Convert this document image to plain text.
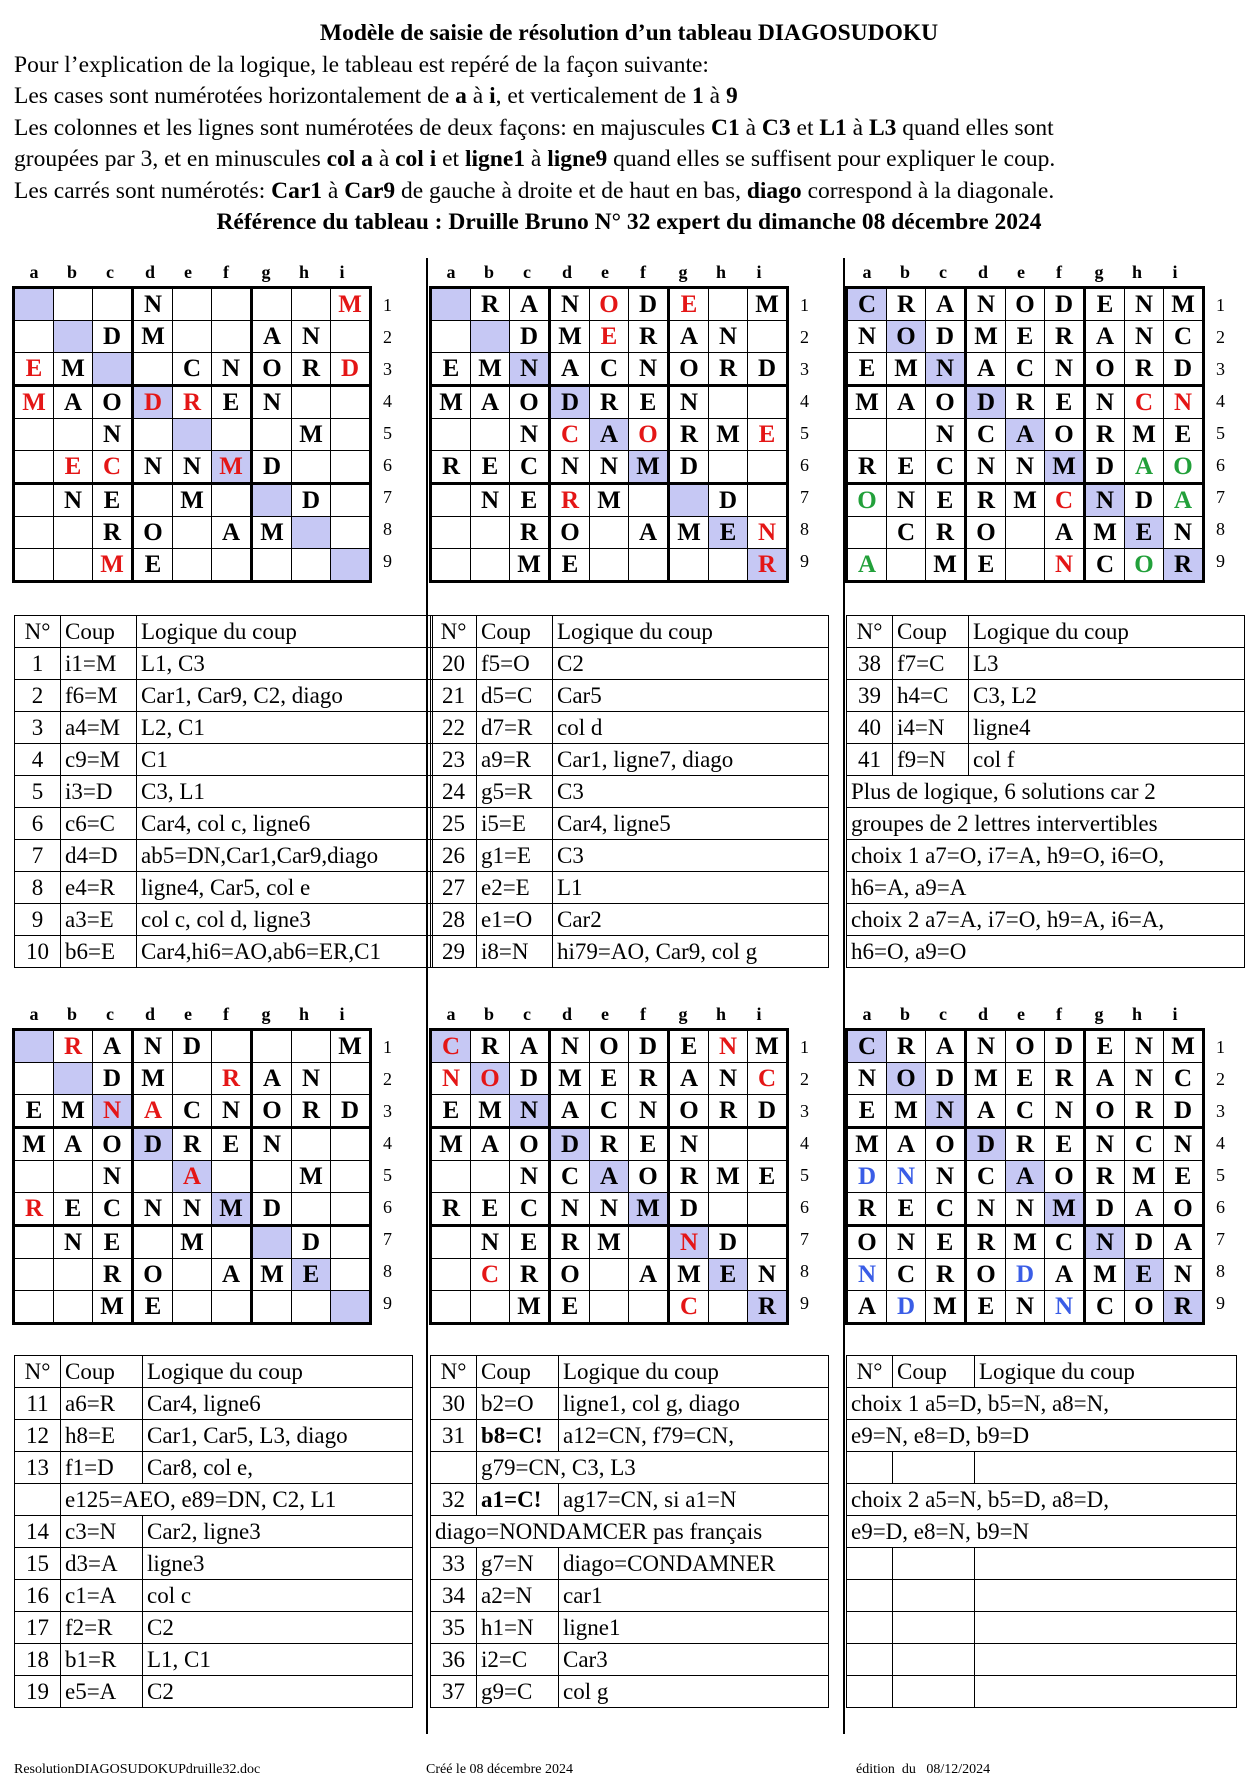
Modèle de saisie de résolution d’un tableau DIAGOSUDOKU

Pour l’explication de la logique, le tableau est repéré de la façon suivante:

Les cases sont numérotées horizontalement de a à i, et verticalement de 1 à 9

Les colonnes et les lignes sont numérotées de deux façons: en majuscules C1 à C3 et L1 à L3 quand elles sont

groupées par 3, et en minuscules col a à col i et ligne1 à ligne9 quand elles se suffisent pour expliquer le coup.

Les carrés sont numérotés: Car1 à Car9 de gauche à droite et de haut en bas, diago correspond à la diagonale.

Référence du tableau : Druille Bruno N° 32 expert du dimanche 08 décembre 2024

a	b	c	d	e	f	g	h	i
			N					M
		D	M			A	N	
E	M			C	N	O	R	D
M	A	O	D	R	E	N		
		N					M	
	E	C	N	N	M	D		
	N	E		M			D	
		R	O		A	M		
		M	E					
1
2
3
4
5
6
7
8
9
a	b	c	d	e	f	g	h	i
	R	A	N	O	D	E		M
		D	M	E	R	A	N	
E	M	N	A	C	N	O	R	D
M	A	O	D	R	E	N		
		N	C	A	O	R	M	E
R	E	C	N	N	M	D		
	N	E	R	M			D	
		R	O		A	M	E	N
		M	E					R
1
2
3
4
5
6
7
8
9
a	b	c	d	e	f	g	h	i
C	R	A	N	O	D	E	N	M
N	O	D	M	E	R	A	N	C
E	M	N	A	C	N	O	R	D
M	A	O	D	R	E	N	C	N
		N	C	A	O	R	M	E
R	E	C	N	N	M	D	A	O
O	N	E	R	M	C	N	D	A
	C	R	O		A	M	E	N
A		M	E		N	C	O	R
1
2
3
4
5
6
7
8
9
a	b	c	d	e	f	g	h	i
	R	A	N	D				M
		D	M		R	A	N	
E	M	N	A	C	N	O	R	D
M	A	O	D	R	E	N		
		N		A			M	
R	E	C	N	N	M	D		
	N	E		M			D	
		R	O		A	M	E	
		M	E					
1
2
3
4
5
6
7
8
9
a	b	c	d	e	f	g	h	i
C	R	A	N	O	D	E	N	M
N	O	D	M	E	R	A	N	C
E	M	N	A	C	N	O	R	D
M	A	O	D	R	E	N		
		N	C	A	O	R	M	E
R	E	C	N	N	M	D		
	N	E	R	M		N	D	
	C	R	O		A	M	E	N
		M	E			C		R
1
2
3
4
5
6
7
8
9
a	b	c	d	e	f	g	h	i
C	R	A	N	O	D	E	N	M
N	O	D	M	E	R	A	N	C
E	M	N	A	C	N	O	R	D
M	A	O	D	R	E	N	C	N
D	N	N	C	A	O	R	M	E
R	E	C	N	N	M	D	A	O
O	N	E	R	M	C	N	D	A
N	C	R	O	D	A	M	E	N
A	D	M	E	N	N	C	O	R
1
2
3
4
5
6
7
8
9
N°	Coup	Logique du coup
1	i1=M	L1, C3
2	f6=M	Car1, Car9, C2, diago
3	a4=M	L2, C1
4	c9=M	C1
5	i3=D	C3, L1
6	c6=C	Car4, col c, ligne6
7	d4=D	ab5=DN,Car1,Car9,diago
8	e4=R	ligne4, Car5, col e
9	a3=E	col c, col d, ligne3
10	b6=E	Car4,hi6=AO,ab6=ER,C1
N°	Coup	Logique du coup
20	f5=O	C2
21	d5=C	Car5
22	d7=R	col d
23	a9=R	Car1, ligne7, diago
24	g5=R	C3
25	i5=E	Car4, ligne5
26	g1=E	C3
27	e2=E	L1
28	e1=O	Car2
29	i8=N	hi79=AO, Car9, col g
N°	Coup	Logique du coup
38	f7=C	L3
39	h4=C	C3, L2
40	i4=N	ligne4
41	f9=N	col f
Plus de logique, 6 solutions car 2		
groupes de 2 lettres intervertibles		
choix 1 a7=O, i7=A, h9=O, i6=O,		
h6=A, a9=A		
choix 2 a7=A, i7=O, h9=A, i6=A,		
h6=O, a9=O		
N°	Coup	Logique du coup
11	a6=R	Car4, ligne6
12	h8=E	Car1, Car5, L3, diago
13	f1=D	Car8, col e,
	e125=AEO, e89=DN, C2, L1	
14	c3=N	Car2, ligne3
15	d3=A	ligne3
16	c1=A	col c
17	f2=R	C2
18	b1=R	L1, C1
19	e5=A	C2
N°	Coup	Logique du coup
30	b2=O	ligne1, col g, diago
31	b8=C!	a12=CN, f79=CN,
	g79=CN, C3, L3	
32	a1=C!	ag17=CN, si a1=N
diago=NONDAMCER pas français		
33	g7=N	diago=CONDAMNER
34	a2=N	car1
35	h1=N	ligne1
36	i2=C	Car3
37	g9=C	col g
N°	Coup	Logique du coup
choix 1 a5=D, b5=N, a8=N,		
e9=N, e8=D, b9=D		

choix 2 a5=N, b5=D, a8=D,		
e9=D, e8=N, b9=N		

ResolutionDIAGOSUDOKUPdruille32.doc	Créé le 08 décembre 2024	édition  du   08/12/2024
